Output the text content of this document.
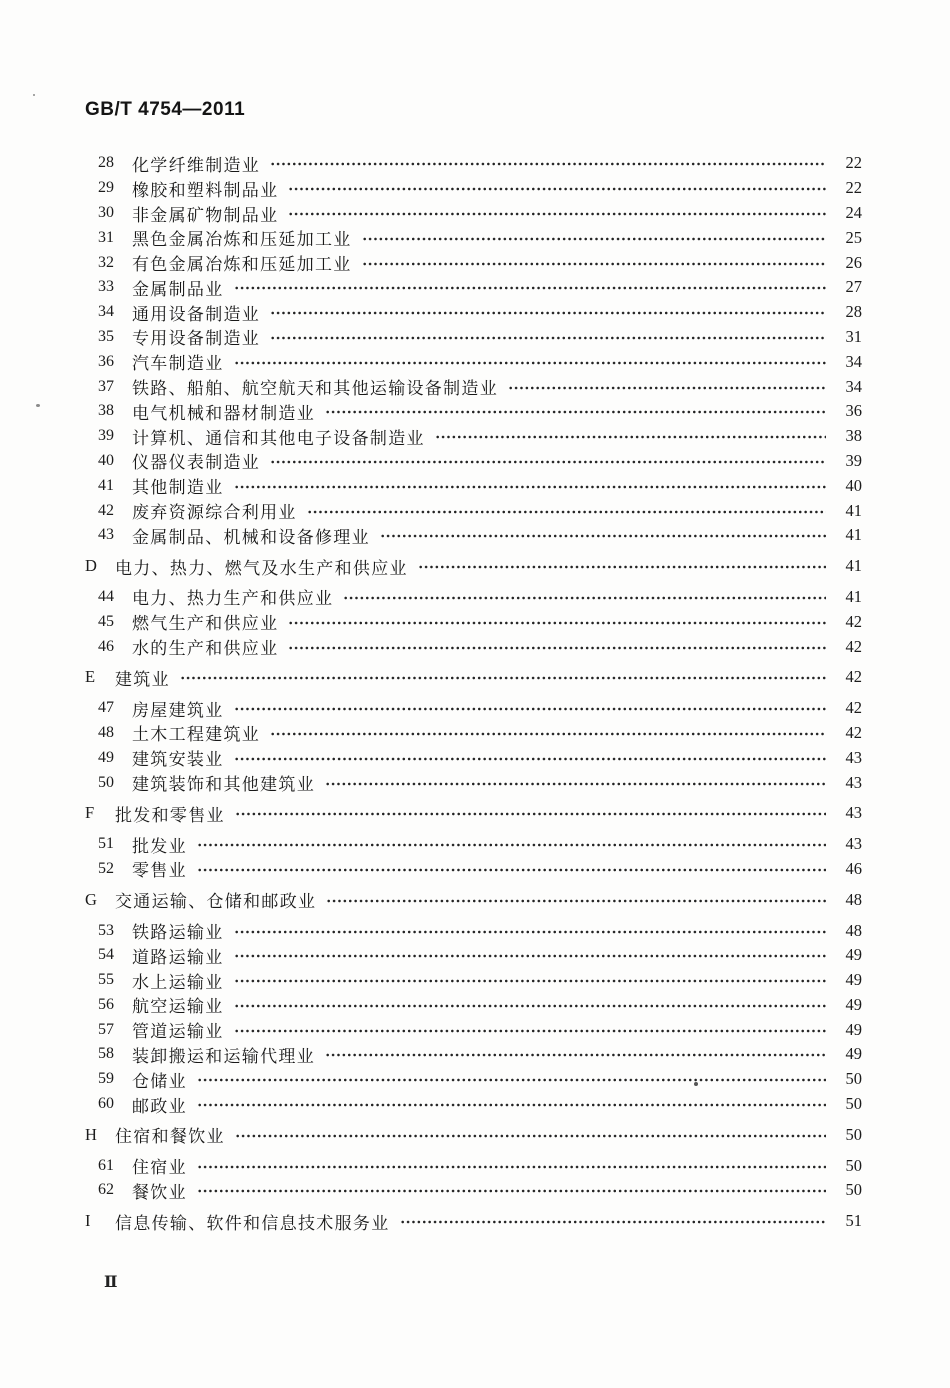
GB/T 4754—2011
28	化学纤维制造业	22
29	橡胶和塑料制品业	22
30	非金属矿物制品业	24
31	黑色金属冶炼和压延加工业	25
32	有色金属冶炼和压延加工业	26
33	金属制品业	27
34	通用设备制造业	28
35	专用设备制造业	31
36	汽车制造业	34
37	铁路、船舶、航空航天和其他运输设备制造业	34
38	电气机械和器材制造业	36
39	计算机、通信和其他电子设备制造业	38
40	仪器仪表制造业	39
41	其他制造业	40
42	废弃资源综合利用业	41
43	金属制品、机械和设备修理业	41
D 电力、热力、燃气及水生产和供应业	41
44	电力、热力生产和供应业	41
45	燃气生产和供应业	42
46	水的生产和供应业	42
E 建筑业	42
47	房屋建筑业	42
48	土木工程建筑业	42
49	建筑安装业	43
50	建筑装饰和其他建筑业	43
F 批发和零售业	43
51	批发业	43
52	零售业	46
G 交通运输、仓储和邮政业	48
53	铁路运输业	48
54	道路运输业	49
55	水上运输业	49
56	航空运输业	49
57	管道运输业	49
58	装卸搬运和运输代理业	49
59	仓储业	50
60	邮政业	50
H 住宿和餐饮业	50
61	住宿业	50
62	餐饮业	50
I	信息传输、软件和信息技术服务业	51
Ⅱ
